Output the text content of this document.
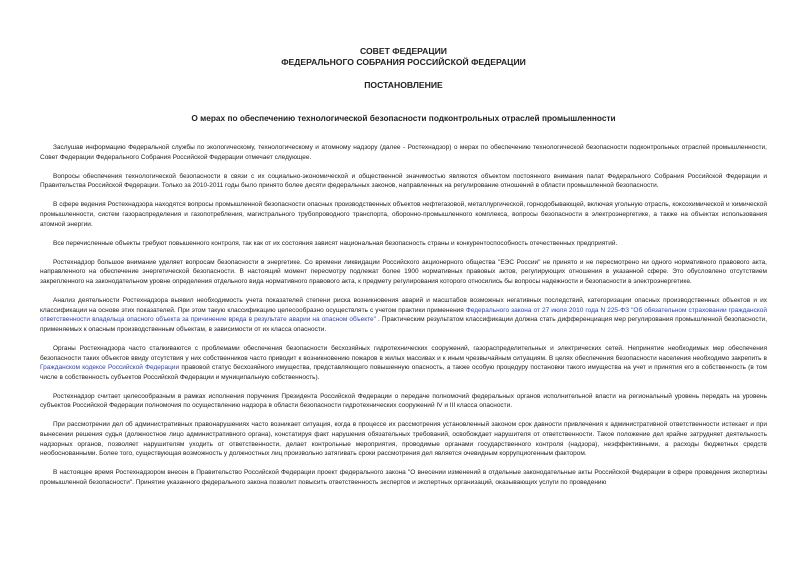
СОВЕТ ФЕДЕРАЦИИ
ФЕДЕРАЛЬНОГО СОБРАНИЯ РОССИЙСКОЙ ФЕДЕРАЦИИ
ПОСТАНОВЛЕНИЕ
О мерах по обеспечению технологической безопасности подконтрольных отраслей промышленности

Заслушав информацию Федеральной службы по экологическому, технологическому и атомному надзору (далее - Ростехнадзор) о мерах по обеспечению технологической безопасности подконтрольных отраслей промышленности, Совет Федерации Федерального Собрания Российской Федерации отмечает следующее.

Вопросы обеспечения технологической безопасности в связи с их социально-экономической и общественной значимостью являются объектом постоянного внимания палат Федерального Собрания Российской Федерации и Правительства Российской Федерации. Только за 2010-2011 годы было принято более десяти федеральных законов, направленных на регулирование отношений в области промышленной безопасности.

В сфере ведения Ростехнадзора находятся вопросы промышленной безопасности опасных производственных объектов нефтегазовой, металлургической, горнодобывающей, включая угольную отрасль, коксохимической и химической промышленности, систем газораспределения и газопотребления, магистрального трубопроводного транспорта, оборонно-промышленного комплекса, вопросы безопасности в электроэнергетике, а также на объектах использования атомной энергии.

Все перечисленные объекты требуют повышенного контроля, так как от их состояния зависят национальная безопасность страны и конкурентоспособность отечественных предприятий.

Ростехнадзор большое внимание уделяет вопросам безопасности в энергетике. Со времени ликвидации Российского акционерного общества "ЕЭС России" не принято и не пересмотрено ни одного нормативного правового акта, направленного на обеспечение энергетической безопасности. В настоящий момент пересмотру подлежат более 1900 нормативных правовых актов, регулирующих отношения в указанной сфере. Это обусловлено отсутствием закрепленного на законодательном уровне определения отдельного вида нормативного правового акта, к предмету регулирования которого относились бы вопросы надежности и безопасности в электроэнергетике.

Анализ деятельности Ростехнадзора выявил необходимость учета показателей степени риска возникновения аварий и масштабов возможных негативных последствий, категоризации опасных производственных объектов и их классификации на основе этих показателей. При этом такую классификацию целесообразно осуществлять с учетом практики применения Федерального закона от 27 июля 2010 года N 225-ФЗ "Об обязательном страховании гражданской ответственности владельца опасного объекта за причинение вреда в результате аварии на опасном объекте" . Практическим результатом классификации должна стать дифференциация мер регулирования промышленной безопасности, применяемых к опасным производственным объектам, в зависимости от их класса опасности.

Органы Ростехнадзора часто сталкиваются с проблемами обеспечения безопасности бесхозяйных гидротехнических сооружений, газораспределительных и электрических сетей. Непринятие необходимых мер обеспечения безопасности таких объектов ввиду отсутствия у них собственников часто приводит к возникновению пожаров в жилых массивах и к иным чрезвычайным ситуациям. В целях обеспечения безопасности населения необходимо закрепить в Гражданском кодексе Российской Федерации правовой статус бесхозяйного имущества, представляющего повышенную опасность, а также особую процедуру постановки такого имущества на учет и принятия его в собственность (в том числе в собственность субъектов Российской Федерации и муниципальную собственность).

Ростехнадзор считает целесообразным в рамках исполнения поручения Президента Российской Федерации о передаче полномочий федеральных органов исполнительной власти на региональный уровень передать на уровень субъектов Российской Федерации полномочия по осуществлению надзора в области безопасности гидротехнических сооружений IV и III класса опасности.

При рассмотрении дел об административных правонарушениях часто возникает ситуация, когда в процессе их рассмотрения установленный законом срок давности привлечения к административной ответственности истекает и при вынесении решения судья (должностное лицо административного органа), констатируя факт нарушения обязательных требований, освобождает нарушителя от ответственности. Такое положение дел крайне затрудняет деятельность надзорных органов, позволяет нарушителям уходить от ответственности, делает контрольные мероприятия, проводимые органами государственного контроля (надзора), неэффективными, а расходы бюджетных средств необоснованными. Более того, существующая возможность у должностных лиц произвольно затягивать сроки рассмотрения дел является очевидным коррупциогенным фактором.

В настоящее время Ростехнадзором внесен в Правительство Российской Федерации проект федерального закона "О внесении изменений в отдельные законодательные акты Российской Федерации в сфере проведения экспертизы промышленной безопасности". Принятие указанного федерального закона позволит повысить ответственность экспертов и экспертных организаций, оказывающих услуги по проведению
